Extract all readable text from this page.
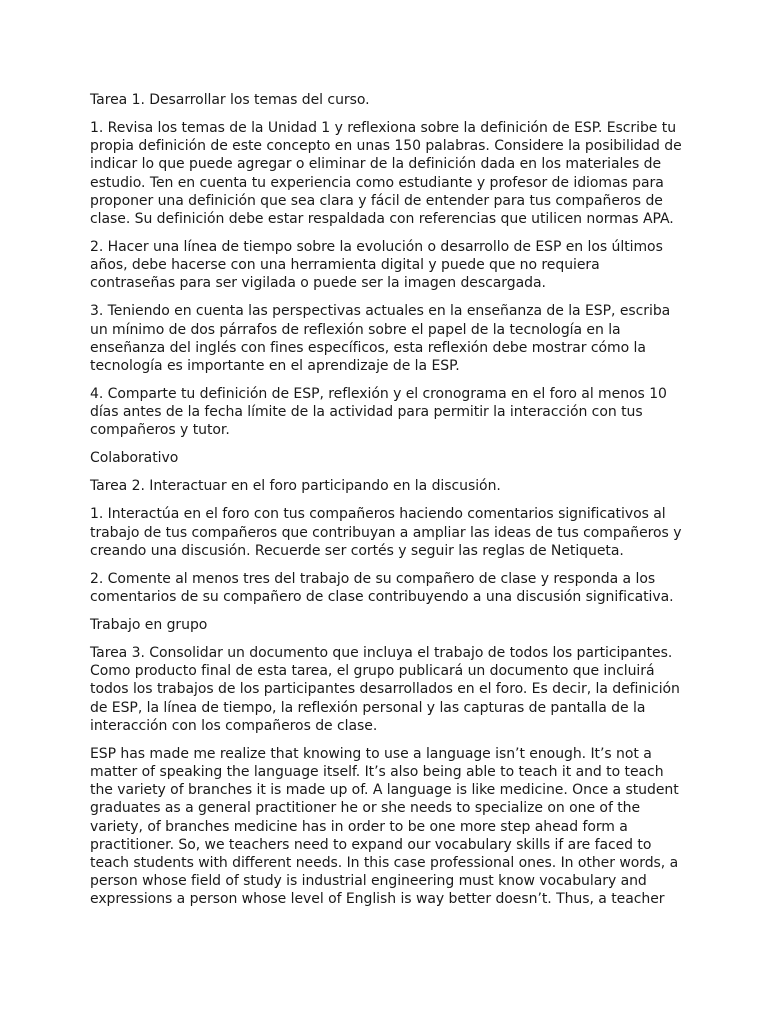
Tarea 1. Desarrollar los temas del curso.

1. Revisa los temas de la Unidad 1 y reflexiona sobre la definición de ESP. Escribe tu propia definición de este concepto en unas 150 palabras. Considere la posibilidad de indicar lo que puede agregar o eliminar de la definición dada en los materiales de estudio. Ten en cuenta tu experiencia como estudiante y profesor de idiomas para proponer una definición que sea clara y fácil de entender para tus compañeros de clase. Su definición debe estar respaldada con referencias que utilicen normas APA.

2. Hacer una línea de tiempo sobre la evolución o desarrollo de ESP en los últimos años, debe hacerse con una herramienta digital y puede que no requiera contraseñas para ser vigilada o puede ser la imagen descargada.

3. Teniendo en cuenta las perspectivas actuales en la enseñanza de la ESP, escriba un mínimo de dos párrafos de reflexión sobre el papel de la tecnología en la enseñanza del inglés con fines específicos, esta reflexión debe mostrar cómo la tecnología es importante en el aprendizaje de la ESP.

4. Comparte tu definición de ESP, reflexión y el cronograma en el foro al menos 10 días antes de la fecha límite de la actividad para permitir la interacción con tus compañeros y tutor.

Colaborativo

Tarea 2. Interactuar en el foro participando en la discusión.

1. Interactúa en el foro con tus compañeros haciendo comentarios significativos al trabajo de tus compañeros que contribuyan a ampliar las ideas de tus compañeros y creando una discusión. Recuerde ser cortés y seguir las reglas de Netiqueta.

2. Comente al menos tres del trabajo de su compañero de clase y responda a los comentarios de su compañero de clase contribuyendo a una discusión significativa.

Trabajo en grupo

Tarea 3. Consolidar un documento que incluya el trabajo de todos los participantes. Como producto final de esta tarea, el grupo publicará un documento que incluirá todos los trabajos de los participantes desarrollados en el foro. Es decir, la definición de ESP, la línea de tiempo, la reflexión personal y las capturas de pantalla de la interacción con los compañeros de clase.

ESP has made me realize that knowing to use a language isn’t enough. It’s not a matter of speaking the language itself. It’s also being able to teach it and to teach the variety of branches it is made up of. A language is like medicine. Once a student graduates as a general practitioner he or she needs to specialize on one of the variety, of branches medicine has in order to be one more step ahead form a practitioner. So, we teachers need to expand our vocabulary skills if are faced to teach students with different needs. In this case professional ones. In other words, a person whose field of study is industrial engineering must know vocabulary and expressions a person whose level of English is way better doesn’t. Thus, a teacher
